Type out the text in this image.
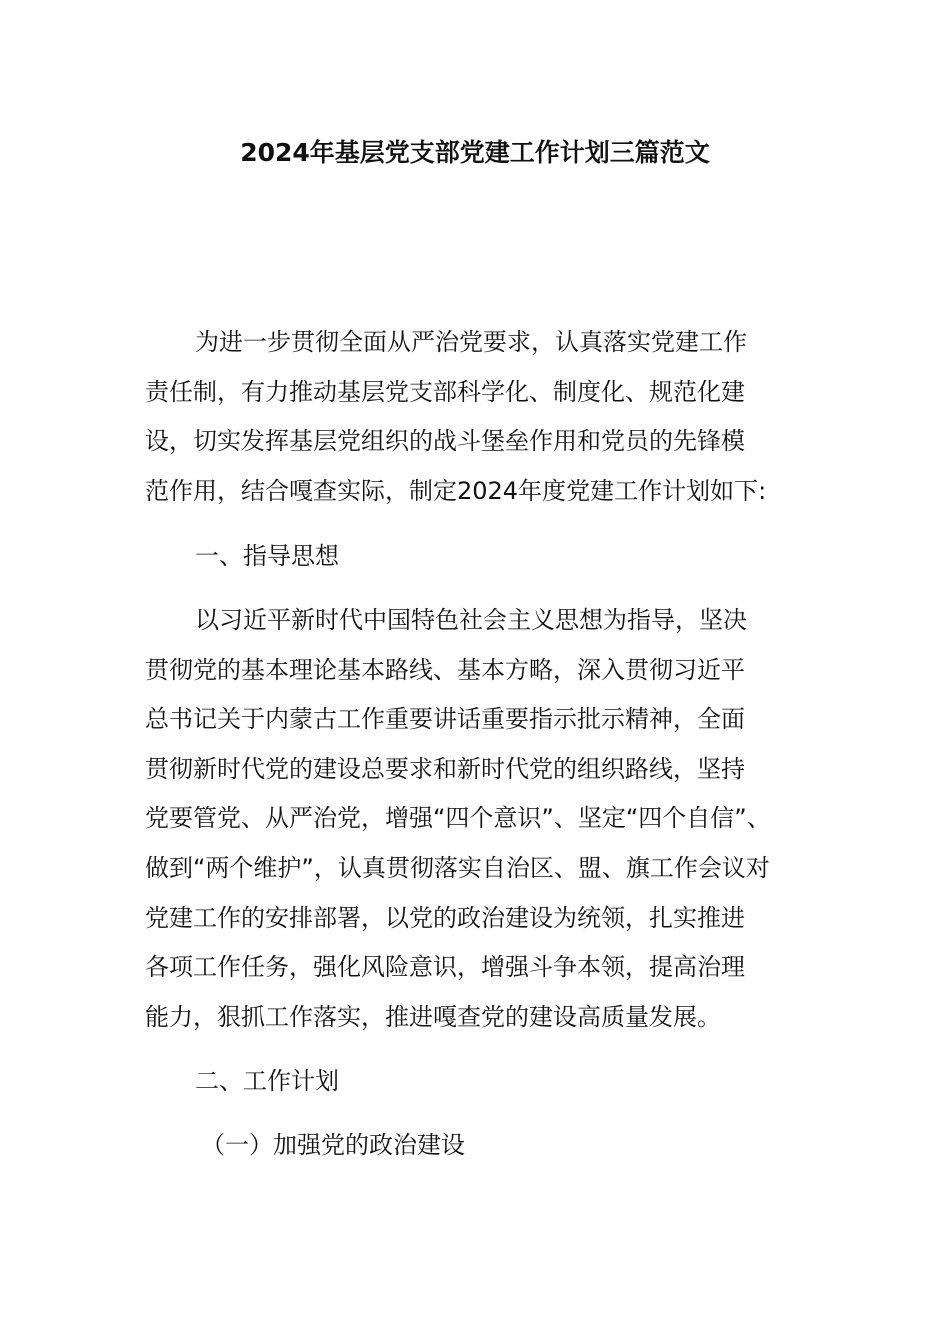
2024年基层党支部党建工作计划三篇范文
为进一步贯彻全面从严治党要求，认真落实党建工作
责任制，有力推动基层党支部科学化、制度化、规范化建
设，切实发挥基层党组织的战斗堡垒作用和党员的先锋模
范作用，结合嘎查实际，制定2024年度党建工作计划如下:
一、指导思想
以习近平新时代中国特色社会主义思想为指导，坚决
贯彻党的基本理论基本路线、基本方略，深入贯彻习近平
总书记关于内蒙古工作重要讲话重要指示批示精神，全面
贯彻新时代党的建设总要求和新时代党的组织路线，坚持
党要管党、从严治党，增强“四个意识”、坚定“四个自信”、
做到“两个维护”，认真贯彻落实自治区、盟、旗工作会议对
党建工作的安排部署，以党的政治建设为统领，扎实推进
各项工作任务，强化风险意识，增强斗争本领，提高治理
能力，狠抓工作落实，推进嘎查党的建设高质量发展。
二、工作计划
（一）加强党的政治建设
